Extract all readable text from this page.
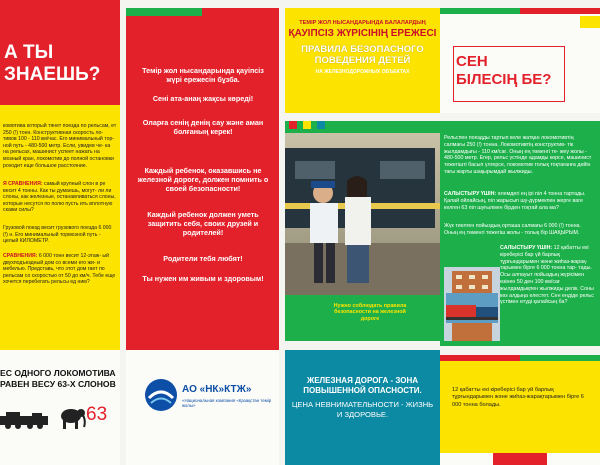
А ТЫ
ЗНАЕШЬ?
комотива который тянет поезда по рельсам, ет 250 (!) тонн. Конструктивная скорость ло- тивов 100 - 110 км/час. Его минимальный тор- ной путь - 480-500 метр. Если, увидев че- ка на рельсах, машинист успеет нажать на мозный кран, локомотив до полной остановки роходит еще большое расстояние.
Я СРАВНЕНИЯ: самый крупный слон в ре весит 4 тонны. Как ты думаешь, могут- ли ли слоны, как железные, останавливаться слоны, которые несутся по полю пусть ить вплотную скажи силы?
Грузовой поезд весит грузового поезда 6 000 (!) н. Его минимальный тормозной путь - целый КИЛОМЕТР.
СРАВНЕНИЯ: 6 000 тонн весит 12-этаж- ый двухподъездный дом со всеми его жи- и мебелью. Представь, что этот дом гает по рельсам со скоростью от 50 до км/ч. Тебе еще хочется перебегать рельсы ед ним?
ЕС ОДНОГО ЛОКОМОТИВА
РАВЕН ВЕСУ 63-Х СЛОНОВ
63
Темір жол нысандарында қауіпсіз жүрі ережесін бұзба.
Сені ата-анаң жақсы көреді!
Оларға сенің денің сау және аман болғаның керек!
Каждый ребенок, оказавшись не железной дороге, должен помнить о своей безопасности!
Каждый ребенок должен уметь защитить себя, своих друзей и родителей!
Родители тебя любят!
Ты нужен им живым и здоровым!
АО «НК»КТЖ»
«Национальная компания «Қазақстан темір жолы»
ТЕМІР ЖОЛ НЫСАНДАРЫНДА БАЛАЛАРДЫҢ
ҚАУІПСІЗ ЖҮРІСІНІҢ ЕРЕЖЕСІ
ПРАВИЛА БЕЗОПАСНОГО ПОВЕДЕНИЯ ДЕТЕЙ
НА ЖЕЛЕЗНОДОРОЖНЫХ ОБЪЕКТАХ
СЕН
БІЛЕСІҢ БЕ?
Нужно соблюдать правила безопасности на железной дороге
Рельспен поездды тартып келе жатқан локомотивтің салмағы 250 (!) тонна. Локомотивтің конструктив- тік жылдамдығы - 110 км/сағ. Оның ең төменгі те- жеу жолы - 480-500 метр. Егер, рельс үстінде адамды көрсе, машинист тежегішті басып үлгерсе, локомотив толық тоқтағанға дейін тағы жарты шақырымдай жылжиды.
САЛЫСТЫРУ ҮШІН: әлемдегі ең ірі піл 4 тонна тартады. Қалай ойлайсың, піл жарысып шу-дүрмекпен жерге ваге келген 63 піл шуғылмен бірден тоқтай ала ма?
Жүк тиелген пойыздың орташа салмағы 6 000 (!) тонна. Оның ең төменгі тежегіш жолы - толық бір ШАҚЫРЫМ.
САЛЫСТЫРУ ҮШІН: 12 қабатты екі кіреберісі бар үй барлық тұрғындарымен және жиһаз-жарақ- тарымен бірге 6 000 тонна тар- тады. Осы алпауыт пойыздың жүрісімен өзінен 50 ден 100 км/сағ жылдамдықпен жылжиды делік. Соны көз алдыңа елестет. Сен ендіде рельс үстімен өтуді қалайсың ба?
ЖЕЛЕЗНАЯ ДОРОГА - ЗОНА ПОВЫШЕННОЙ ОПАСНОСТИ.
ЦЕНА НЕВНИМАТЕЛЬНОСТИ - ЖИЗНЬ И ЗДОРОВЬЕ.
12 қабатты екі кіреберісі бар үй барлық тұрғындарымен және жиһаз-жарақтарымен бірге 6 000 тонна болады.
